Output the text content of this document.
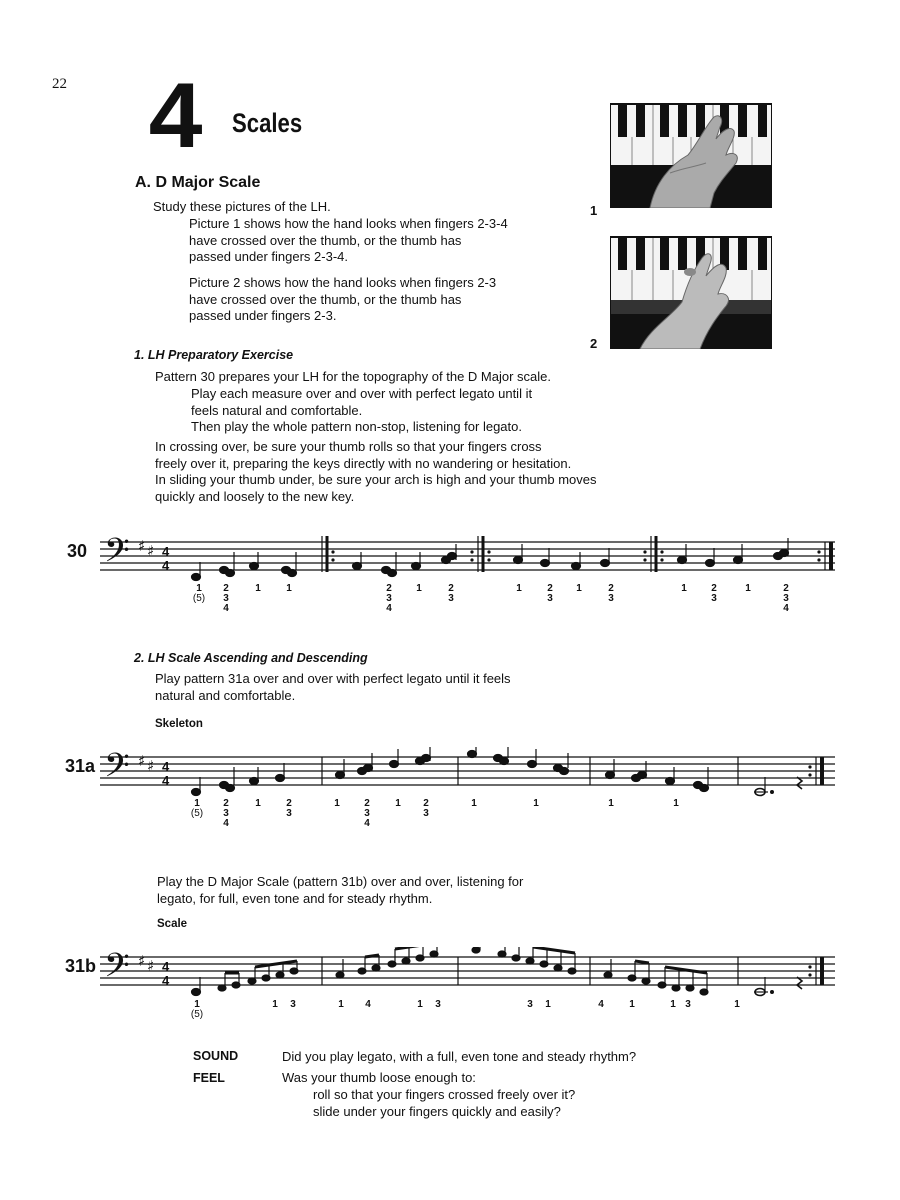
22 4 Scales
A. D Major Scale
Study these pictures of the LH.
Picture 1 shows how the hand looks when fingers 2-3-4
have crossed over the thumb, or the thumb has
passed under fingers 2-3-4.
Picture 2 shows how the hand looks when fingers 2-3
have crossed over the thumb, or the thumb has
passed under fingers 2-3.
1
2
1. LH Preparatory Exercise
Pattern 30 prepares your LH for the topography of the D Major scale.
Play each measure over and over with perfect legato until it
feels natural and comfortable.
Then play the whole pattern non-stop, listening for legato.
In crossing over, be sure your thumb rolls so that your fingers cross
freely over it, preparing the keys directly with no wandering or hesitation.
In sliding your thumb under, be sure your arch is high and your thumb moves
quickly and loosely to the new key.
30 𝄢 ♯ ♯ 4
4
1
(5)
2
3
4
1	1	2
3
4
1	2
3
1	2
3
1	2
3
1	2
3
1	2
3
4
2. LH Scale Ascending and Descending
Play pattern 31a over and over with perfect legato until it feels
natural and comfortable.
Skeleton
31a 𝄢 ♯ ♯ 4
4
1
(5)
2
3
4
1	2
3
1	2
3
4
1	2
3
1	1	1	1
Play the D Major Scale (pattern 31b) over and over, listening for
legato, for full, even tone and for steady rhythm.
Scale
31b 𝄢 ♯ ♯ 4
4
1
(5)
1	3	1	4	1	3	3	1	4	1	1 3	1
SOUND	Did you play legato, with a full, even tone and steady rhythm?
FEEL	Was your thumb loose enough to:
roll so that your fingers crossed freely over it?
slide under your fingers quickly and easily?
